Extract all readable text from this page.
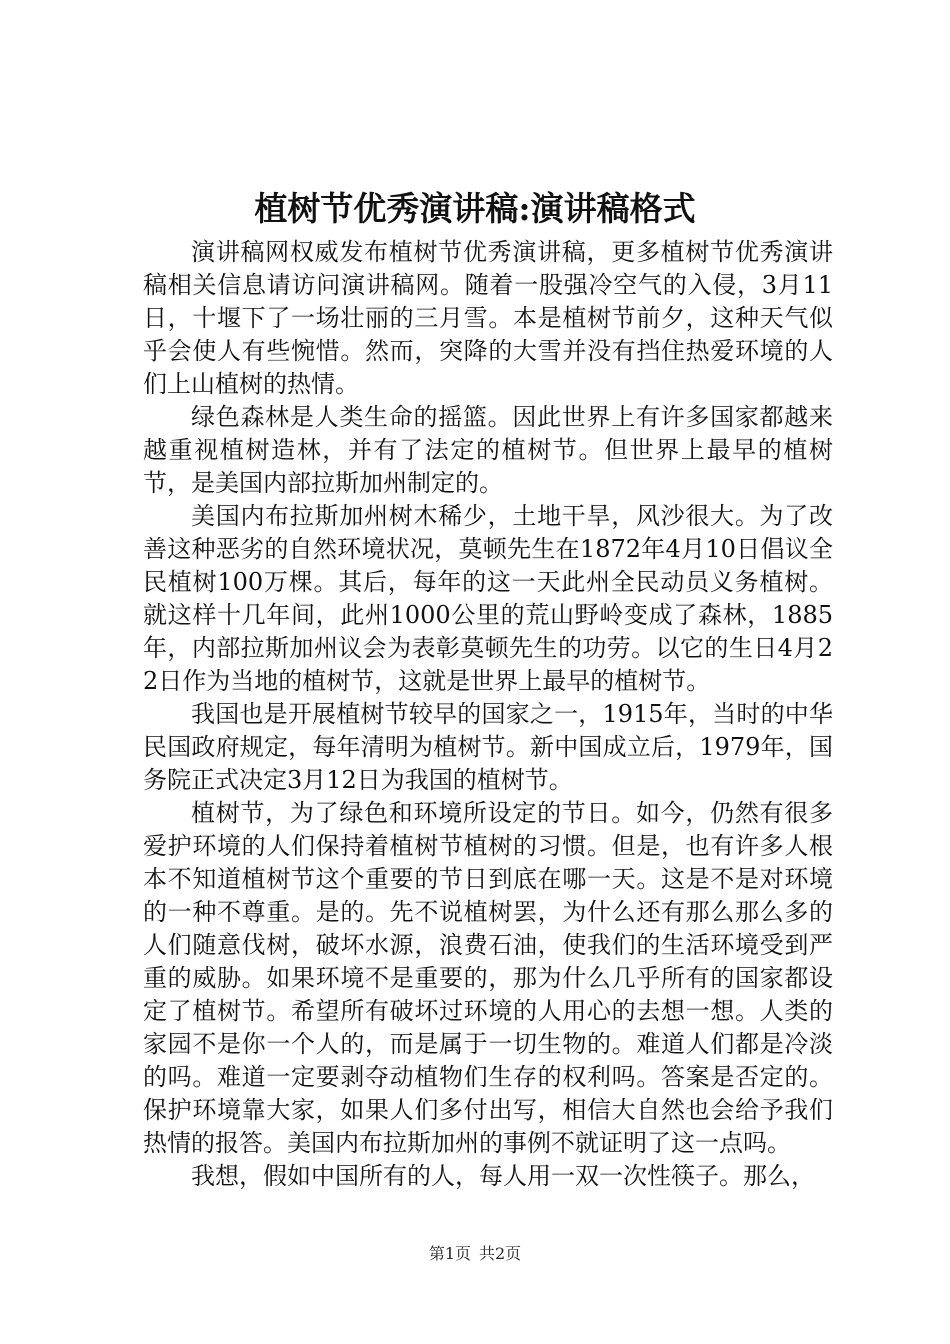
植树节优秀演讲稿:演讲稿格式

演讲稿网权威发布植树节优秀演讲稿，更多植树节优秀演讲稿相关信息请访问演讲稿网。随着一股强冷空气的入侵，3月11日，十堰下了一场壮丽的三月雪。本是植树节前夕，这种天气似乎会使人有些惋惜。然而，突降的大雪并没有挡住热爱环境的人们上山植树的热情。

绿色森林是人类生命的摇篮。因此世界上有许多国家都越来越重视植树造林，并有了法定的植树节。但世界上最早的植树节，是美国内部拉斯加州制定的。

美国内布拉斯加州树木稀少，土地干旱，风沙很大。为了改善这种恶劣的自然环境状况，莫顿先生在1872年4月10日倡议全民植树100万棵。其后，每年的这一天此州全民动员义务植树。就这样十几年间，此州1000公里的荒山野岭变成了森林，1885年，内部拉斯加州议会为表彰莫顿先生的功劳。以它的生日4月22日作为当地的植树节，这就是世界上最早的植树节。

我国也是开展植树节较早的国家之一，1915年，当时的中华民国政府规定，每年清明为植树节。新中国成立后，1979年，国务院正式决定3月12日为我国的植树节。

植树节，为了绿色和环境所设定的节日。如今，仍然有很多爱护环境的人们保持着植树节植树的习惯。但是，也有许多人根本不知道植树节这个重要的节日到底在哪一天。这是不是对环境的一种不尊重。是的。先不说植树罢，为什么还有那么那么多的人们随意伐树，破坏水源，浪费石油，使我们的生活环境受到严重的威胁。如果环境不是重要的，那为什么几乎所有的国家都设定了植树节。希望所有破坏过环境的人用心的去想一想。人类的家园不是你一个人的，而是属于一切生物的。难道人们都是冷淡的吗。难道一定要剥夺动植物们生存的权利吗。答案是否定的。保护环境靠大家，如果人们多付出写，相信大自然也会给予我们热情的报答。美国内布拉斯加州的事例不就证明了这一点吗。

我想，假如中国所有的人，每人用一双一次性筷子。那么，

第1页 共2页
